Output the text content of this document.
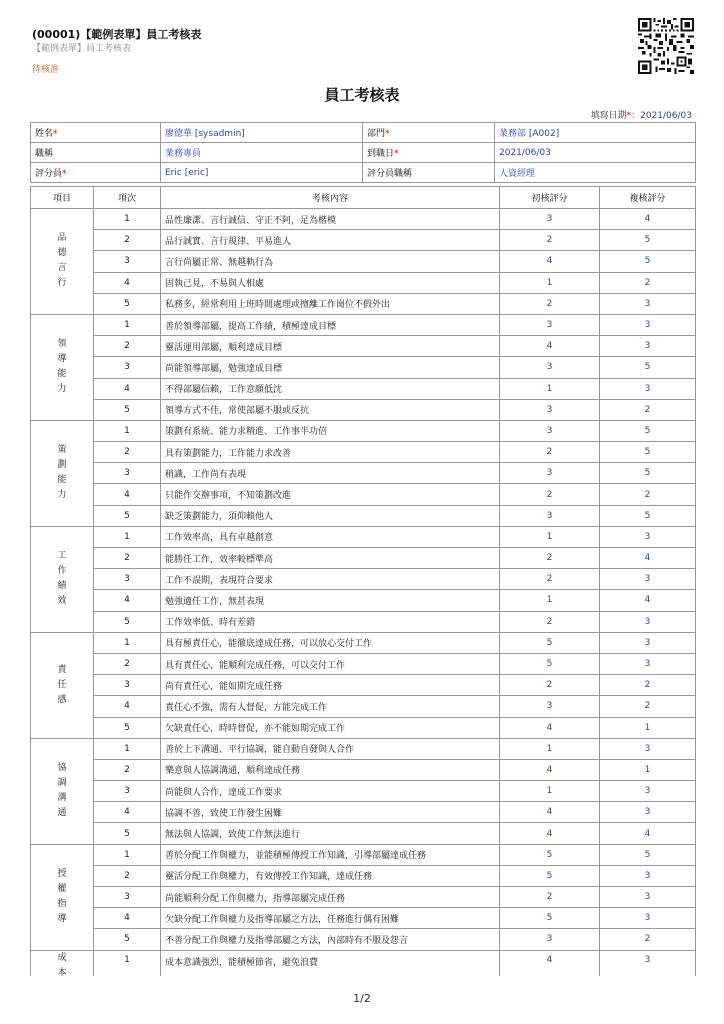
(00001)【範例表單】員工考核表
【範例表單】員工考核表
待核准
員工考核表
填寫日期*：2021/06/03
姓名*	廖德華 [sysadmin]	部門*	業務部 [A002]
職稱	業務專員	到職日*	2021/06/03
評分員*	Eric [eric]	評分員職稱	人資經理
項目	項次	考核內容	初核評分	複核評分
品德言行	1	品性廉潔、言行誠信、守正不阿，足為楷模	3	4
	2	品行誠實、言行規律、平易進人	2	5
	3	言行尚屬正常、無越軌行為	4	5
	4	固執己見，不易與人相處	1	2
	5	私務多，經常利用上班時間處理或擅離工作崗位不假外出	2	3
領導能力	1	善於領導部屬，提高工作績，積極達成目標	3	3
	2	靈活運用部屬，順利達成目標	4	3
	3	尚能領導部屬，勉強達成目標	3	5
	4	不得部屬信賴，工作意願低沈	1	3
	5	領導方式不佳，常使部屬不服或反抗	3	2
策劃能力	1	策劃有系統、能力求精進、工作事半功倍	3	5
	2	具有策劃能力，工作能力求改善	2	5
	3	稍識，工作尚有表現	3	5
	4	只能作交辦事項，不知策劃改進	2	2
	5	缺乏策劃能力，須仰賴他人	3	5
工作績效	1	工作效率高，具有卓越創意	1	3
	2	能勝任工作，效率較標準高	2	4
	3	工作不誤期，表現符合要求	2	3
	4	勉強適任工作，無甚表現	1	4
	5	工作效率低、時有差錯	2	3
責任感	1	具有極責任心，能徹底達成任務，可以放心交付工作	5	3
	2	具有責任心，能順利完成任務，可以交付工作	5	3
	3	尚有責任心，能如期完成任務	2	2
	4	責任心不強，需有人督促，方能完成工作	3	2
	5	欠缺責任心，時時督促，亦不能如期完成工作	4	1
協調溝通	1	善於上下溝通、平行協調，能自動自發與人合作	1	3
	2	樂意與人協調溝通，順利達成任務	4	1
	3	尚能與人合作，達成工作要求	1	3
	4	協調不善，致使工作發生困難	4	3
	5	無法與人協調，致使工作無法進行	4	4
授權指導	1	善於分配工作與權力，並能積極傳授工作知識，引導部屬達成任務	5	5
	2	靈活分配工作與權力，有效傳授工作知識，達成任務	5	3
	3	尚能順利分配工作與權力，指導部屬完成任務	2	3
	4	欠缺分配工作與權力及指導部屬之方法，任務進行偶有困難	5	3
	5	不善分配工作與權力及指導部屬之方法，內部時有不服及怨言	3	2
成本	1	成本意識強烈，能積極節省，避免浪費	4	3
1/2
